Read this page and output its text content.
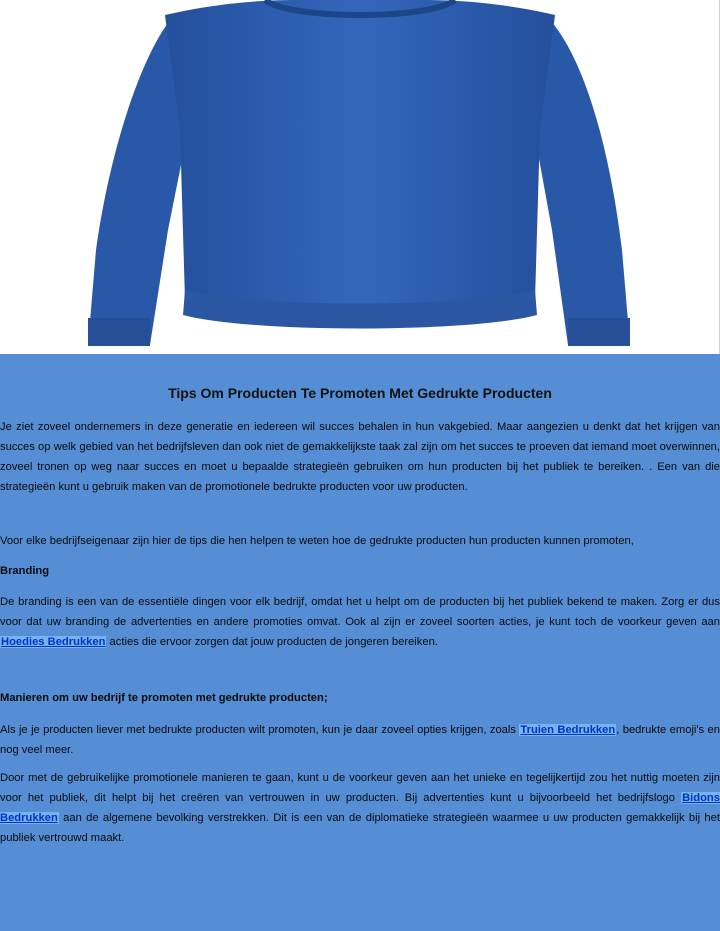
Tips Om Producten Te Promoten Met Gedrukte Producten

Je ziet zoveel ondernemers in deze generatie en iedereen wil succes behalen in hun vakgebied. Maar aangezien u denkt dat het krijgen van succes op welk gebied van het bedrijfsleven dan ook niet de gemakkelijkste taak zal zijn om het succes te proeven dat iemand moet overwinnen, zoveel tronen op weg naar succes en moet u bepaalde strategieën gebruiken om hun producten bij het publiek te bereiken. . Een van die strategieën kunt u gebruik maken van de promotionele bedrukte producten voor uw producten.

Voor elke bedrijfseigenaar zijn hier de tips die hen helpen te weten hoe de gedrukte producten hun producten kunnen promoten,

Branding

De branding is een van de essentiële dingen voor elk bedrijf, omdat het u helpt om de producten bij het publiek bekend te maken. Zorg er dus voor dat uw branding de advertenties en andere promoties omvat. Ook al zijn er zoveel soorten acties, je kunt toch de voorkeur geven aan Hoedies Bedrukken acties die ervoor zorgen dat jouw producten de jongeren bereiken.

Manieren om uw bedrijf te promoten met gedrukte producten;

Als je je producten liever met bedrukte producten wilt promoten, kun je daar zoveel opties krijgen, zoals Truien Bedrukken, bedrukte emoji's en nog veel meer.

Door met de gebruikelijke promotionele manieren te gaan, kunt u de voorkeur geven aan het unieke en tegelijkertijd zou het nuttig moeten zijn voor het publiek, dit helpt bij het creëren van vertrouwen in uw producten. Bij advertenties kunt u bijvoorbeeld het bedrijfslogo Bidons Bedrukken aan de algemene bevolking verstrekken. Dit is een van de diplomatieke strategieën waarmee u uw producten gemakkelijk bij het publiek vertrouwd maakt.
